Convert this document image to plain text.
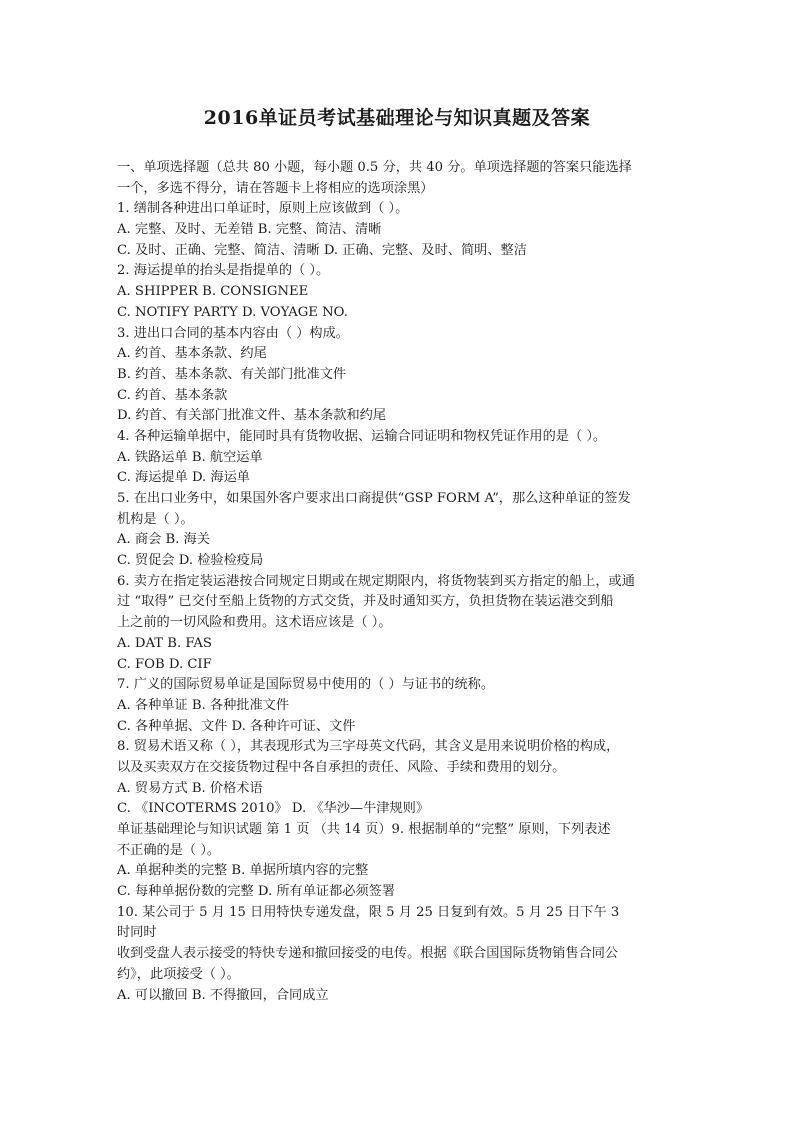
2016单证员考试基础理论与知识真题及答案
一、单项选择题（总共 80 小题，每小题 0.5 分，共 40 分。单项选择题的答案只能选择
一个，多选不得分，请在答题卡上将相应的选项涂黑）
1. 缮制各种进出口单证时，原则上应该做到（ ）。
A. 完整、及时、无差错 B. 完整、简洁、清晰
C. 及时、正确、完整、简洁、清晰 D. 正确、完整、及时、简明、整洁
2. 海运提单的抬头是指提单的（ ）。
A. SHIPPER B. CONSIGNEE
C. NOTIFY PARTY D. VOYAGE NO.
3. 进出口合同的基本内容由（ ）构成。
A. 约首、基本条款、约尾
B. 约首、基本条款、有关部门批准文件
C. 约首、基本条款
D. 约首、有关部门批准文件、基本条款和约尾
4. 各种运输单据中，能同时具有货物收据、运输合同证明和物权凭证作用的是（ ）。
A. 铁路运单 B. 航空运单
C. 海运提单 D. 海运单
5. 在出口业务中，如果国外客户要求出口商提供“GSP FORM A”，那么这种单证的签发
机构是（ ）。
A. 商会 B. 海关
C. 贸促会 D. 检验检疫局
6. 卖方在指定装运港按合同规定日期或在规定期限内，将货物装到买方指定的船上，或通
过 “取得” 已交付至船上货物的方式交货，并及时通知买方，负担货物在装运港交到船
上之前的一切风险和费用。这术语应该是（ ）。
A. DAT B. FAS
C. FOB D. CIF
7. 广义的国际贸易单证是国际贸易中使用的（ ）与证书的统称。
A. 各种单证 B. 各种批准文件
C. 各种单据、文件 D. 各种许可证、文件
8. 贸易术语又称（ ），其表现形式为三字母英文代码，其含义是用来说明价格的构成，
以及买卖双方在交接货物过程中各自承担的责任、风险、手续和费用的划分。
A. 贸易方式 B. 价格术语
C. 《INCOTERMS 2010》 D. 《华沙—牛津规则》
单证基础理论与知识试题 第 1 页 （共 14 页）9. 根据制单的“完整” 原则，下列表述
不正确的是（ ）。
A. 单据种类的完整 B. 单据所填内容的完整
C. 每种单据份数的完整 D. 所有单证都必须签署
10. 某公司于 5 月 15 日用特快专递发盘，限 5 月 25 日复到有效。5 月 25 日下午 3
时同时
收到受盘人表示接受的特快专递和撤回接受的电传。根据《联合国国际货物销售合同公
约》，此项接受（ ）。
A. 可以撤回 B. 不得撤回，合同成立
